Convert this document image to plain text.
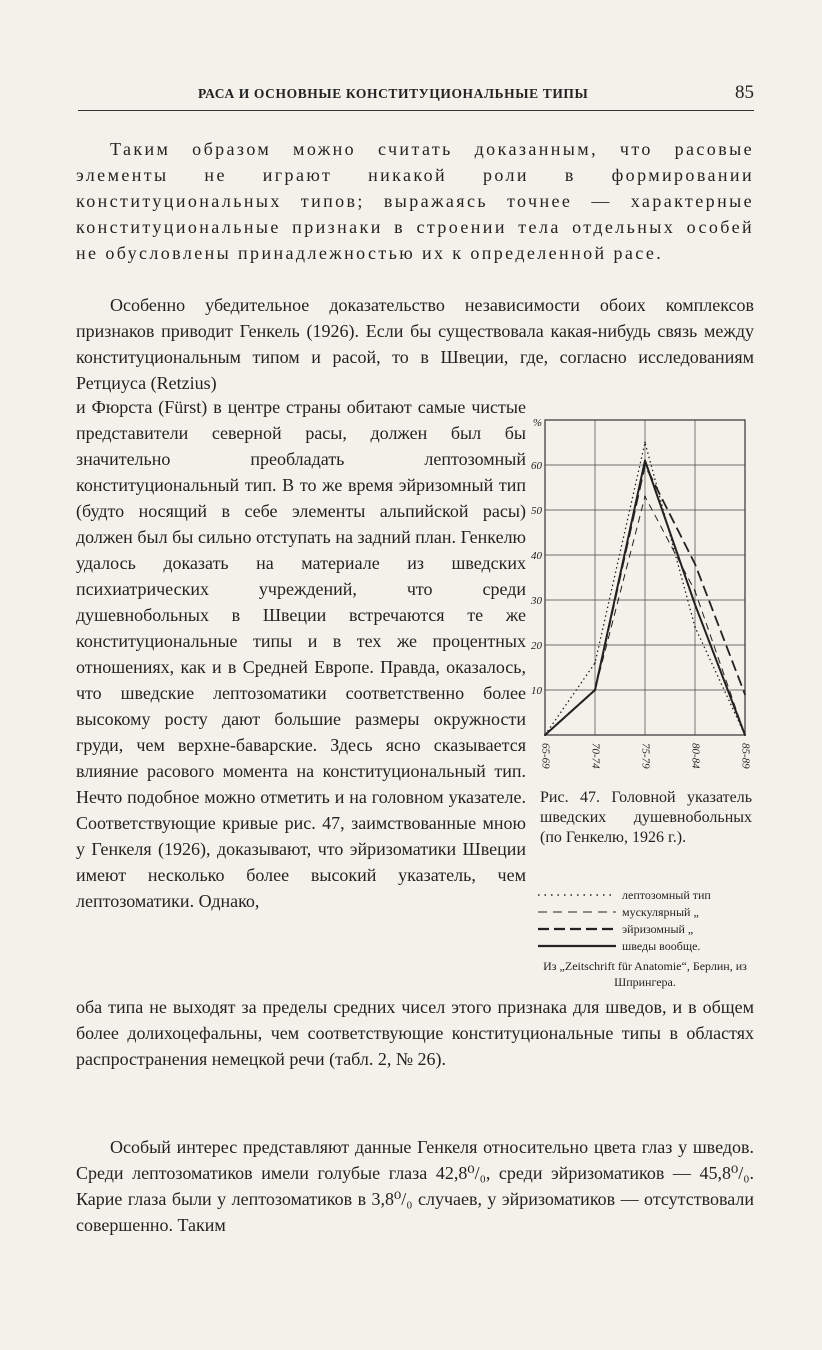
РАСА И ОСНОВНЫЕ КОНСТИТУЦИОНАЛЬНЫЕ ТИПЫ	85
Таким образом можно считать доказанным, что расовые элементы не играют никакой роли в формировании конституциональных типов; выражаясь точнее — характерные конституциональные признаки в строении тела отдельных особей не обусловлены принадлежностью их к определенной расе.
Особенно убедительное доказательство независимости обоих комплексов признаков приводит Генкель (1926). Если бы существовала какая-нибудь связь между конституциональным типом и расой, то в Швеции, где, согласно исследованиям Ретциуса (Retzius)
и Фюрста (Fürst) в центре страны обитают самые чистые представители северной расы, должен был бы значительно преобладать лептозомный конституциональный тип. В то же время эйризомный тип (будто носящий в себе элементы альпийской расы) должен был бы сильно отступать на задний план. Генкелю удалось доказать на материале из шведских психиатрических учреждений, что среди душевнобольных в Швеции встречаются те же конституциональные типы и в тех же процентных отношениях, как и в Средней Европе. Правда, оказалось, что шведские лептозоматики соответственно более высокому росту дают большие размеры окружности груди, чем верхне-баварские. Здесь ясно сказывается влияние расового момента на конституциональный тип. Нечто подобное можно отметить и на головном указателе. Соответствующие кривые рис. 47, заимствованные мною у Генкеля (1926), доказывают, что эйризоматики Швеции имеют несколько более высокий указатель, чем лептозоматики. Однако,
оба типа не выходят за пределы средних чисел этого признака для шведов, и в общем более долихоцефальны, чем соответствующие конституциональные типы в областях распространения немецкой речи (табл. 2, № 26).
Особый интерес представляют данные Генкеля относительно цвета глаз у шведов. Среди лептозоматиков имели голубые глаза 42,8⁰/₀, среди эйризоматиков — 45,8⁰/₀. Карие глаза были у лептозоматиков в 3,8⁰/₀ случаев, у эйризоматиков — отсутствовали совершенно. Таким
10
20
30
40
50
60
%
65-69	70-74	75-79	80-84	85-89
Рис. 47. Головной указатель шведских душевнобольных (по Генкелю, 1926 г.).
лептозомный тип
мускулярный „
эйризомный „
шведы вообще.
Из „Zeitschrift für Anatomie“, Берлин, из Шпрингера.
